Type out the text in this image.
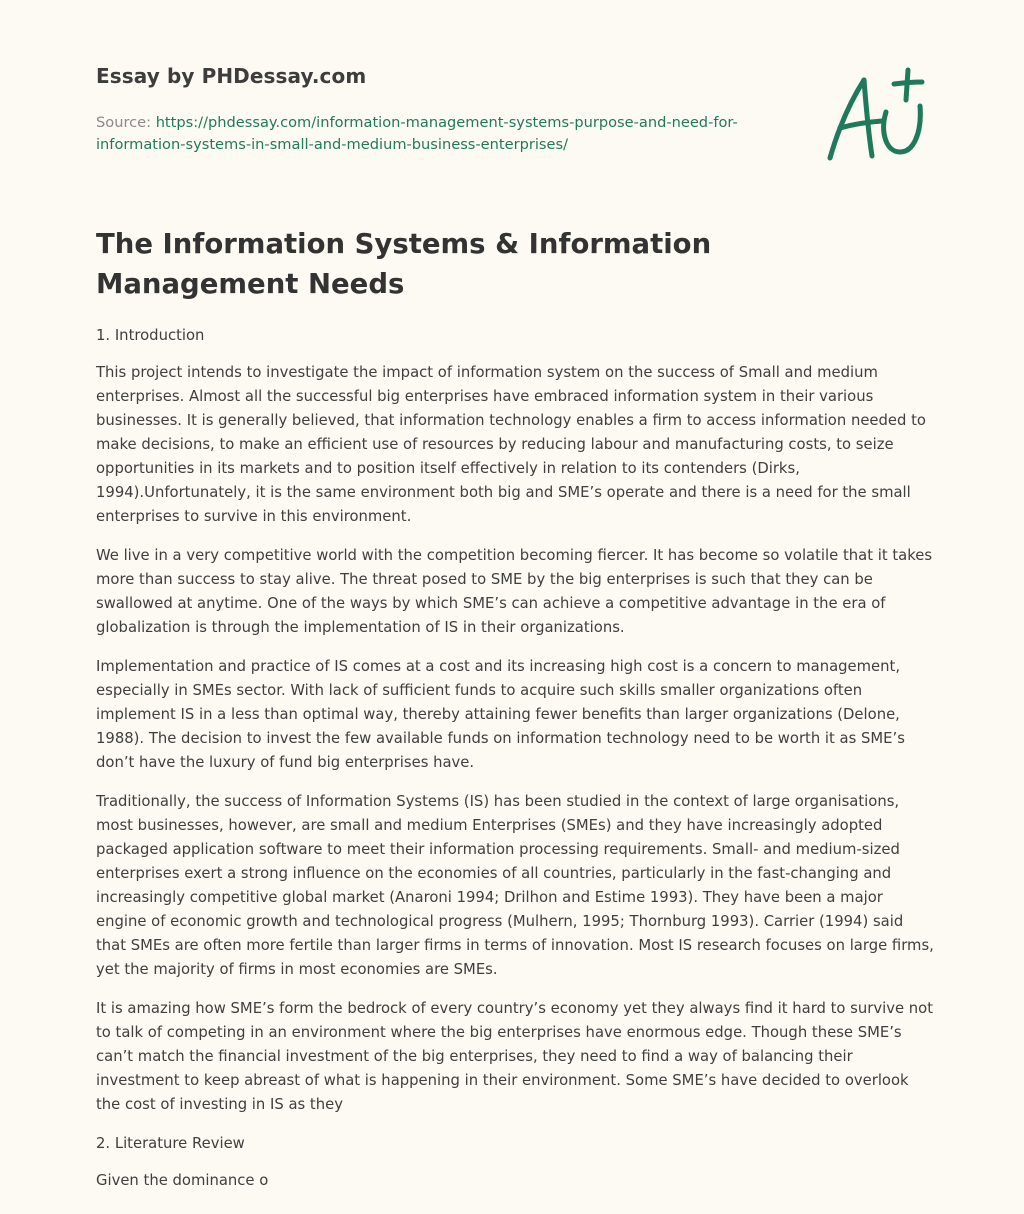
Essay by PHDessay.com
Source: https://phdessay.com/information-management-systems-purpose-and-need-for-
information-systems-in-small-and-medium-business-enterprises/
The Information Systems & Information Management Needs

1. Introduction

This project intends to investigate the impact of information system on the success of Small and medium enterprises. Almost all the successful big enterprises have embraced information system in their various businesses. It is generally believed, that information technology enables a firm to access information needed to make decisions, to make an efficient use of resources by reducing labour and manufacturing costs, to seize opportunities in its markets and to position itself effectively in relation to its contenders (Dirks, 1994).Unfortunately, it is the same environment both big and SME’s operate and there is a need for the small enterprises to survive in this environment.

We live in a very competitive world with the competition becoming fiercer. It has become so volatile that it takes more than success to stay alive. The threat posed to SME by the big enterprises is such that they can be swallowed at anytime. One of the ways by which SME’s can achieve a competitive advantage in the era of globalization is through the implementation of IS in their organizations.

Implementation and practice of IS comes at a cost and its increasing high cost is a concern to management, especially in SMEs sector. With lack of sufficient funds to acquire such skills smaller organizations often implement IS in a less than optimal way, thereby attaining fewer benefits than larger organizations (Delone, 1988). The decision to invest the few available funds on information technology need to be worth it as SME’s don’t have the luxury of fund big enterprises have.

Traditionally, the success of Information Systems (IS) has been studied in the context of large organisations, most businesses, however, are small and medium Enterprises (SMEs) and they have increasingly adopted packaged application software to meet their information processing requirements. Small- and medium-sized enterprises exert a strong influence on the economies of all countries, particularly in the fast-changing and increasingly competitive global market (Anaroni 1994; Drilhon and Estime 1993). They have been a major engine of economic growth and technological progress (Mulhern, 1995; Thornburg 1993). Carrier (1994) said that SMEs are often more fertile than larger firms in terms of innovation. Most IS research focuses on large firms, yet the majority of firms in most economies are SMEs.

It is amazing how SME’s form the bedrock of every country’s economy yet they always find it hard to survive not to talk of competing in an environment where the big enterprises have enormous edge. Though these SME’s can’t match the financial investment of the big enterprises, they need to find a way of balancing their investment to keep abreast of what is happening in their environment. Some SME’s have decided to overlook the cost of investing in IS as they

2. Literature Review

Given the dominance o
